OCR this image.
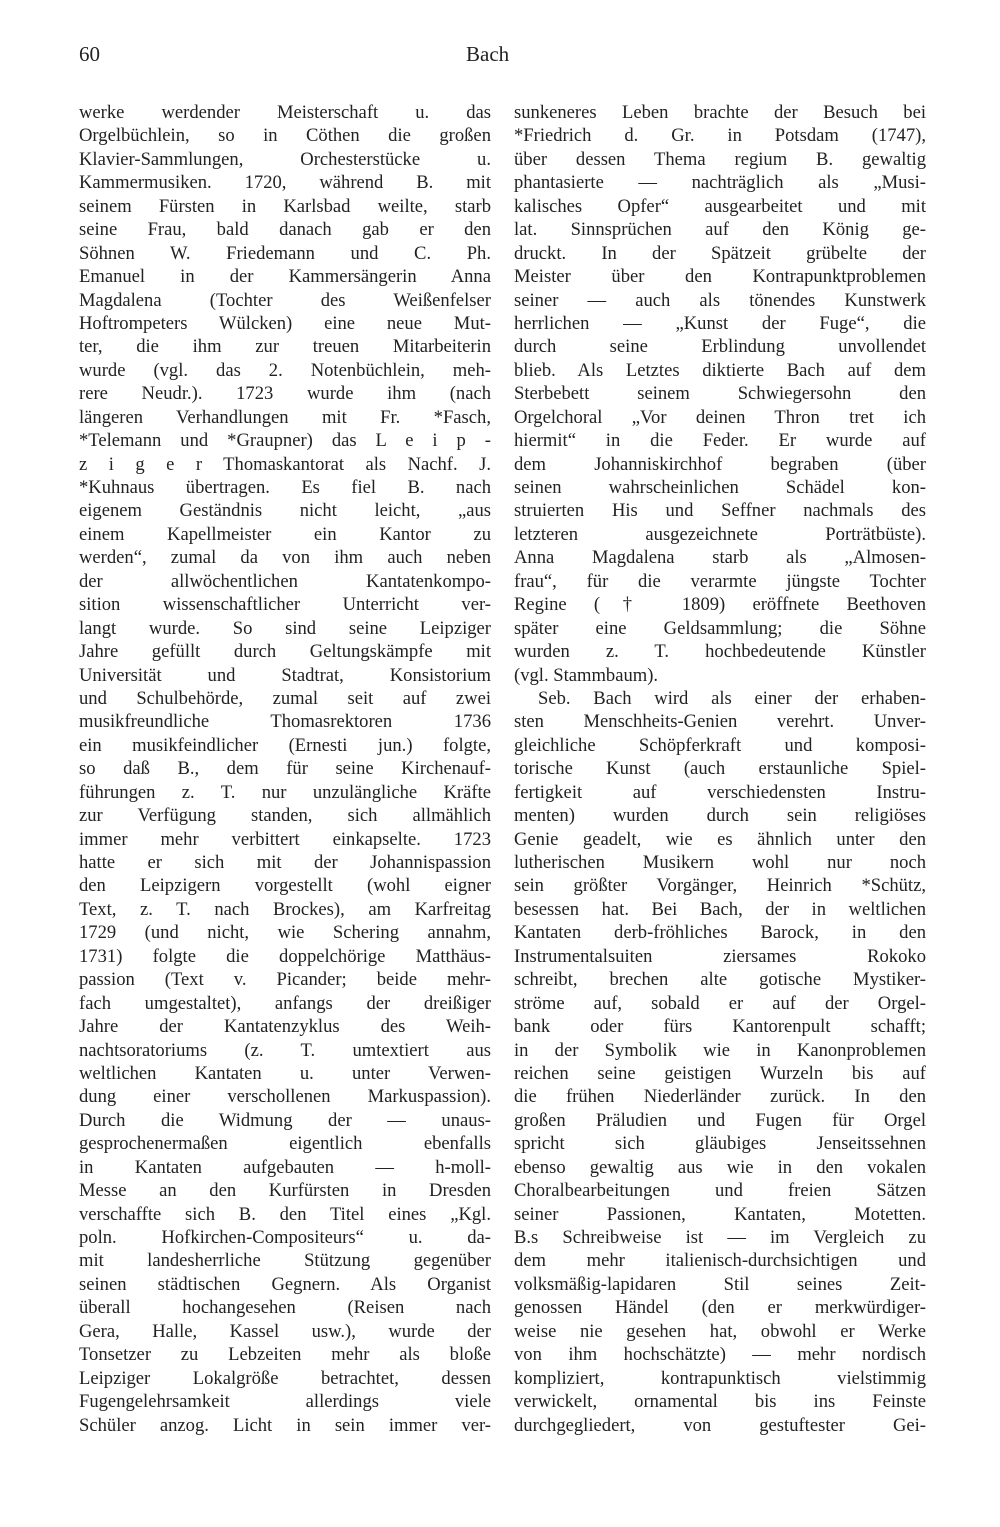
60	Bach
werke werdender Meisterschaft u. das
Orgelbüchlein, so in Cöthen die großen
Klavier-Sammlungen, Orchesterstücke u.
Kammermusiken. 1720, während B. mit
seinem Fürsten in Karlsbad weilte, starb
seine Frau, bald danach gab er den
Söhnen W. Friedemann und C. Ph.
Emanuel in der Kammersängerin Anna
Magdalena (Tochter des Weißenfelser
Hoftrompeters Wülcken) eine neue Mut-
ter, die ihm zur treuen Mitarbeiterin
wurde (vgl. das 2. Notenbüchlein, meh-
rere Neudr.). 1723 wurde ihm (nach
längeren Verhandlungen mit Fr. *Fasch,
*Telemann und *Graupner) das L e i p -
z i g e r Thomaskantorat als Nachf. J.
*Kuhnaus übertragen. Es fiel B. nach
eigenem Geständnis nicht leicht, „aus
einem Kapellmeister ein Kantor zu
werden“, zumal da von ihm auch neben
der allwöchentlichen Kantatenkompo-
sition wissenschaftlicher Unterricht ver-
langt wurde. So sind seine Leipziger
Jahre gefüllt durch Geltungskämpfe mit
Universität und Stadtrat, Konsistorium
und Schulbehörde, zumal seit auf zwei
musikfreundliche Thomasrektoren 1736
ein musikfeindlicher (Ernesti jun.) folgte,
so daß B., dem für seine Kirchenauf-
führungen z. T. nur unzulängliche Kräfte
zur Verfügung standen, sich allmählich
immer mehr verbittert einkapselte. 1723
hatte er sich mit der Johannispassion
den Leipzigern vorgestellt (wohl eigner
Text, z. T. nach Brockes), am Karfreitag
1729 (und nicht, wie Schering annahm,
1731) folgte die doppelchörige Matthäus-
passion (Text v. Picander; beide mehr-
fach umgestaltet), anfangs der dreißiger
Jahre der Kantatenzyklus des Weih-
nachtsoratoriums (z. T. umtextiert aus
weltlichen Kantaten u. unter Verwen-
dung einer verschollenen Markuspassion).
Durch die Widmung der — unaus-
gesprochenermaßen eigentlich ebenfalls
in Kantaten aufgebauten — h-moll-
Messe an den Kurfürsten in Dresden
verschaffte sich B. den Titel eines „Kgl.
poln. Hofkirchen-Compositeurs“ u. da-
mit landesherrliche Stützung gegenüber
seinen städtischen Gegnern. Als Organist
überall hochangesehen (Reisen nach
Gera, Halle, Kassel usw.), wurde der
Tonsetzer zu Lebzeiten mehr als bloße
Leipziger Lokalgröße betrachtet, dessen
Fugengelehrsamkeit allerdings viele
Schüler anzog. Licht in sein immer ver-
sunkeneres Leben brachte der Besuch bei
*Friedrich d. Gr. in Potsdam (1747),
über dessen Thema regium B. gewaltig
phantasierte — nachträglich als „Musi-
kalisches Opfer“ ausgearbeitet und mit
lat. Sinnsprüchen auf den König ge-
druckt. In der Spätzeit grübelte der
Meister über den Kontrapunktproblemen
seiner — auch als tönendes Kunstwerk
herrlichen — „Kunst der Fuge“, die
durch seine Erblindung unvollendet
blieb. Als Letztes diktierte Bach auf dem
Sterbebett seinem Schwiegersohn den
Orgelchoral „Vor deinen Thron tret ich
hiermit“ in die Feder. Er wurde auf
dem Johanniskirchhof begraben (über
seinen wahrscheinlichen Schädel kon-
struierten His und Seffner nachmals des
letzteren ausgezeichnete Porträtbüste).
Anna Magdalena starb als „Almosen-
frau“, für die verarmte jüngste Tochter
Regine († 1809) eröffnete Beethoven
später eine Geldsammlung; die Söhne
wurden z. T. hochbedeutende Künstler
(vgl. Stammbaum).
Seb. Bach wird als einer der erhaben-
sten Menschheits-Genien verehrt. Unver-
gleichliche Schöpferkraft und komposi-
torische Kunst (auch erstaunliche Spiel-
fertigkeit auf verschiedensten Instru-
menten) wurden durch sein religiöses
Genie geadelt, wie es ähnlich unter den
lutherischen Musikern wohl nur noch
sein größter Vorgänger, Heinrich *Schütz,
besessen hat. Bei Bach, der in weltlichen
Kantaten derb-fröhliches Barock, in den
Instrumentalsuiten ziersames Rokoko
schreibt, brechen alte gotische Mystiker-
ströme auf, sobald er auf der Orgel-
bank oder fürs Kantorenpult schafft;
in der Symbolik wie in Kanonproblemen
reichen seine geistigen Wurzeln bis auf
die frühen Niederländer zurück. In den
großen Präludien und Fugen für Orgel
spricht sich gläubiges Jenseitssehnen
ebenso gewaltig aus wie in den vokalen
Choralbearbeitungen und freien Sätzen
seiner Passionen, Kantaten, Motetten.
B.s Schreibweise ist — im Vergleich zu
dem mehr italienisch-durchsichtigen und
volksmäßig-lapidaren Stil seines Zeit-
genossen Händel (den er merkwürdiger-
weise nie gesehen hat, obwohl er Werke
von ihm hochschätzte) — mehr nordisch
kompliziert, kontrapunktisch vielstimmig
verwickelt, ornamental bis ins Feinste
durchgegliedert, von gestuftester Gei-
